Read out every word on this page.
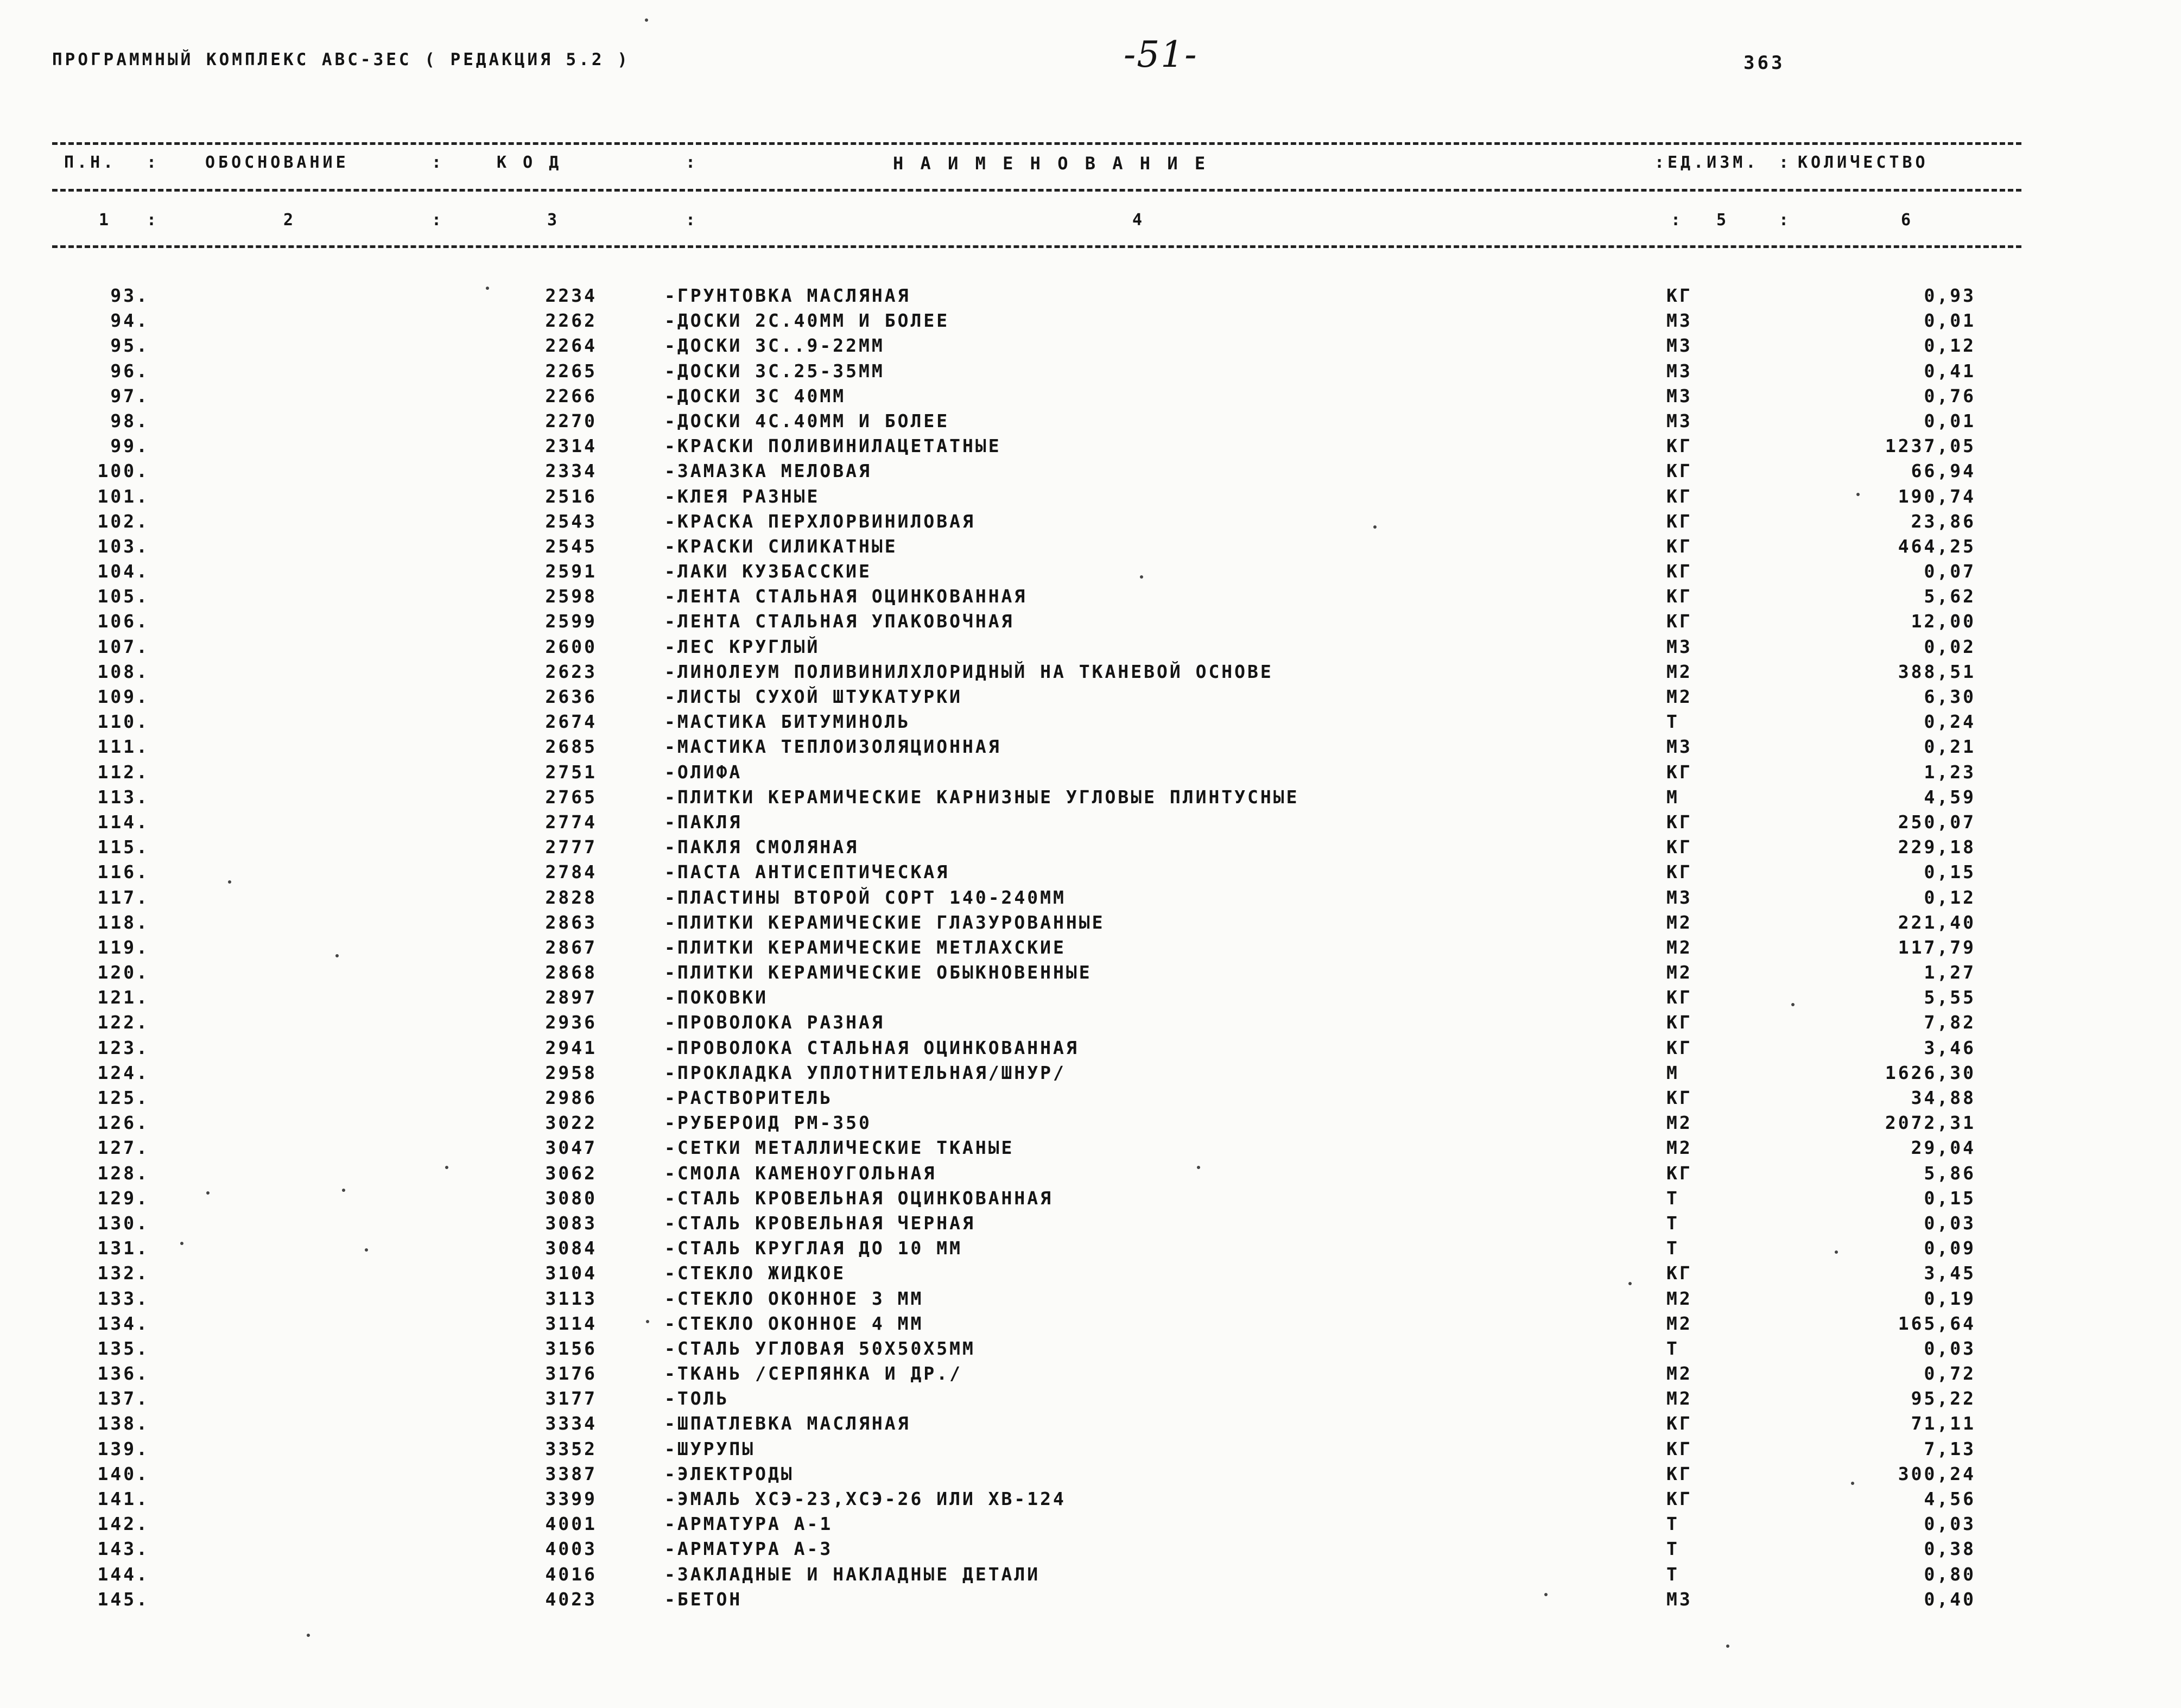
ПРОГРАММНЫЙ КОМПЛЕКС АВС-ЗЕС ( РЕДАКЦИЯ 5.2 )	-51-	363
П.Н. :	ОБОСНОВАНИЕ	:	К О Д	:	Н А И М Е Н О В А Н И Е	: ЕД.ИЗМ. : КОЛИЧЕСТВО
1 :	2	:	3	:	4	: 5	:	6
93.	2234	-ГРУНТОВКА МАСЛЯНАЯ	КГ	0,93
94.	2262	-ДОСКИ 2С.40ММ И БОЛЕЕ	М3	0,01
95.	2264	-ДОСКИ 3С..9-22ММ	М3	0,12
96.	2265	-ДОСКИ 3С.25-35ММ	М3	0,41
97.	2266	-ДОСКИ 3С 40ММ	М3	0,76
98.	2270	-ДОСКИ 4С.40ММ И БОЛЕЕ	М3	0,01
99.	2314	-КРАСКИ ПОЛИВИНИЛАЦЕТАТНЫЕ	КГ	1237,05
100.	2334	-ЗАМАЗКА МЕЛОВАЯ	КГ	66,94
101.	2516	-КЛЕЯ РАЗНЫЕ	КГ	190,74
102.	2543	-КРАСКА ПЕРХЛОРВИНИЛОВАЯ	КГ	23,86
103.	2545	-КРАСКИ СИЛИКАТНЫЕ	КГ	464,25
104.	2591	-ЛАКИ КУЗБАССКИЕ	КГ	0,07
105.	2598	-ЛЕНТА СТАЛЬНАЯ ОЦИНКОВАННАЯ	КГ	5,62
106.	2599	-ЛЕНТА СТАЛЬНАЯ УПАКОВОЧНАЯ	КГ	12,00
107.	2600	-ЛЕС КРУГЛЫЙ	М3	0,02
108.	2623	-ЛИНОЛЕУМ ПОЛИВИНИЛХЛОРИДНЫЙ НА ТКАНЕВОЙ ОСНОВЕ	М2	388,51
109.	2636	-ЛИСТЫ СУХОЙ ШТУКАТУРКИ	М2	6,30
110.	2674	-МАСТИКА БИТУМИНОЛЬ	Т	0,24
111.	2685	-МАСТИКА ТЕПЛОИЗОЛЯЦИОННАЯ	М3	0,21
112.	2751	-ОЛИФА	КГ	1,23
113.	2765	-ПЛИТКИ КЕРАМИЧЕСКИЕ КАРНИЗНЫЕ УГЛОВЫЕ ПЛИНТУСНЫЕ	М	4,59
114.	2774	-ПАКЛЯ	КГ	250,07
115.	2777	-ПАКЛЯ СМОЛЯНАЯ	КГ	229,18
116.	2784	-ПАСТА АНТИСЕПТИЧЕСКАЯ	КГ	0,15
117.	2828	-ПЛАСТИНЫ ВТОРОЙ СОРТ 140-240ММ	М3	0,12
118.	2863	-ПЛИТКИ КЕРАМИЧЕСКИЕ ГЛАЗУРОВАННЫЕ	М2	221,40
119.	2867	-ПЛИТКИ КЕРАМИЧЕСКИЕ МЕТЛАХСКИЕ	М2	117,79
120.	2868	-ПЛИТКИ КЕРАМИЧЕСКИЕ ОБЫКНОВЕННЫЕ	М2	1,27
121.	2897	-ПОКОВКИ	КГ	5,55
122.	2936	-ПРОВОЛОКА РАЗНАЯ	КГ	7,82
123.	2941	-ПРОВОЛОКА СТАЛЬНАЯ ОЦИНКОВАННАЯ	КГ	3,46
124.	2958	-ПРОКЛАДКА УПЛОТНИТЕЛЬНАЯ/ШНУР/	М	1626,30
125.	2986	-РАСТВОРИТЕЛЬ	КГ	34,88
126.	3022	-РУБЕРОИД РМ-350	М2	2072,31
127.	3047	-СЕТКИ МЕТАЛЛИЧЕСКИЕ ТКАНЫЕ	М2	29,04
128.	3062	-СМОЛА КАМЕНОУГОЛЬНАЯ	КГ	5,86
129.	3080	-СТАЛЬ КРОВЕЛЬНАЯ ОЦИНКОВАННАЯ	Т	0,15
130.	3083	-СТАЛЬ КРОВЕЛЬНАЯ ЧЕРНАЯ	Т	0,03
131.	3084	-СТАЛЬ КРУГЛАЯ ДО 10 ММ	Т	0,09
132.	3104	-СТЕКЛО ЖИДКОЕ	КГ	3,45
133.	3113	-СТЕКЛО ОКОННОЕ 3 ММ	М2	0,19
134.	3114	-СТЕКЛО ОКОННОЕ 4 ММ	М2	165,64
135.	3156	-СТАЛЬ УГЛОВАЯ 50Х50Х5ММ	Т	0,03
136.	3176	-ТКАНЬ /СЕРПЯНКА И ДР./	М2	0,72
137.	3177	-ТОЛЬ	М2	95,22
138.	3334	-ШПАТЛЕВКА МАСЛЯНАЯ	КГ	71,11
139.	3352	-ШУРУПЫ	КГ	7,13
140.	3387	-ЭЛЕКТРОДЫ	КГ	300,24
141.	3399	-ЭМАЛЬ ХСЭ-23,ХСЭ-26 ИЛИ ХВ-124	КГ	4,56
142.	4001	-АРМАТУРА А-1	Т	0,03
143.	4003	-АРМАТУРА А-3	Т	0,38
144.	4016	-ЗАКЛАДНЫЕ И НАКЛАДНЫЕ ДЕТАЛИ	Т	0,80
145.	4023	-БЕТОН	М3	0,40
